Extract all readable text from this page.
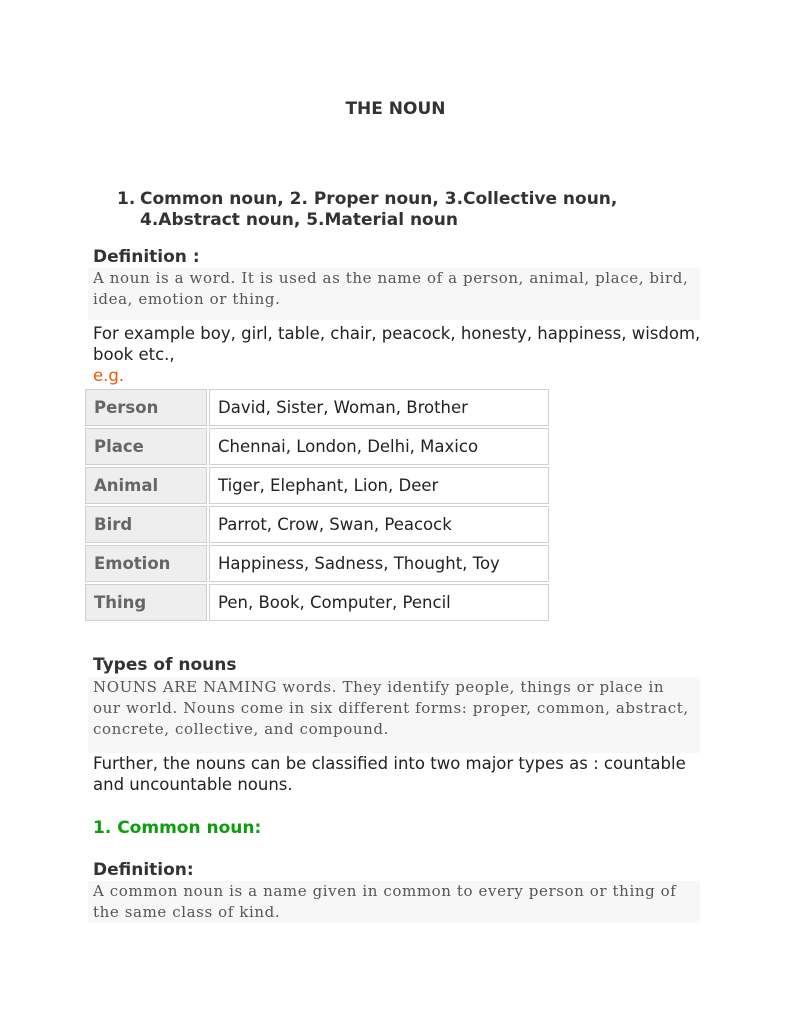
THE NOUN
1. Common noun, 2. Proper noun, 3.Collective noun, 4.Abstract noun, 5.Material noun
Definition :
A noun is a word. It is used as the name of a person, animal, place, bird, idea, emotion or thing.
For example boy, girl, table, chair, peacock, honesty, happiness, wisdom, book etc.,
e.g.
Person	David, Sister, Woman, Brother
Place	Chennai, London, Delhi, Maxico
Animal	Tiger, Elephant, Lion, Deer
Bird	Parrot, Crow, Swan, Peacock
Emotion	Happiness, Sadness, Thought, Toy
Thing	Pen, Book, Computer, Pencil
Types of nouns
NOUNS ARE NAMING words. They identify people, things or place in our world. Nouns come in six different forms: proper, common, abstract, concrete, collective, and compound.
Further, the nouns can be classified into two major types as : countable and uncountable nouns.
1. Common noun:
Definition:
A common noun is a name given in common to every person or thing of the same class of kind.
